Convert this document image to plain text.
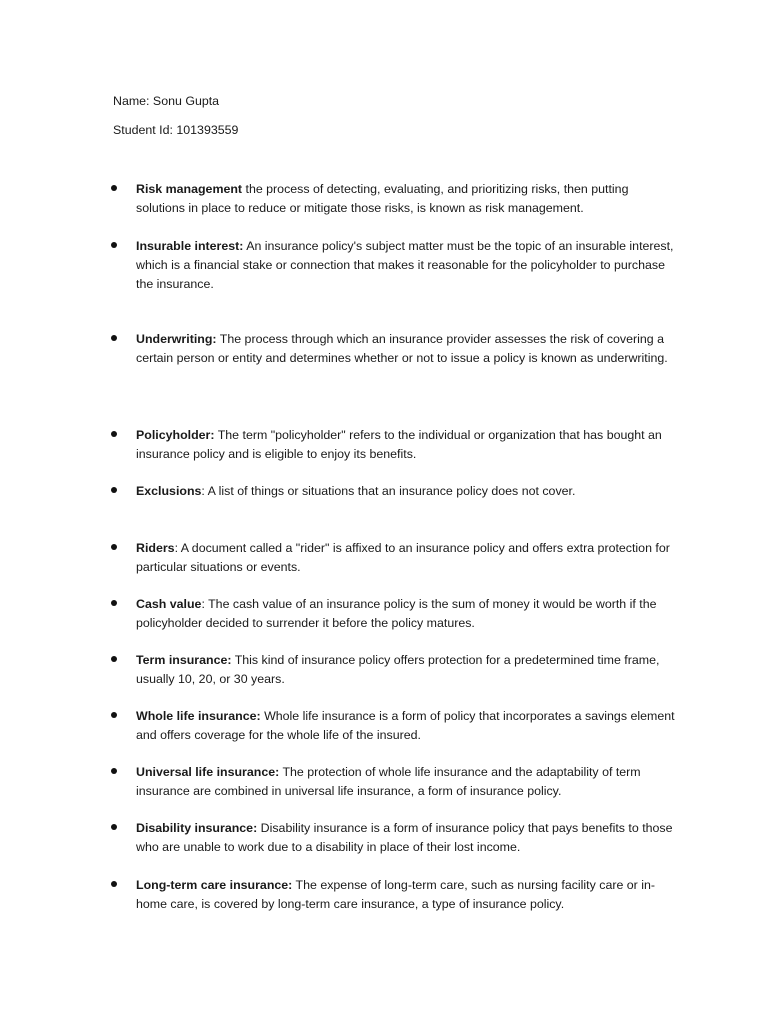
Name: Sonu Gupta
Student Id: 101393559

Risk management the process of detecting, evaluating, and prioritizing risks, then putting solutions in place to reduce or mitigate those risks, is known as risk management.

Insurable interest: An insurance policy's subject matter must be the topic of an insurable interest, which is a financial stake or connection that makes it reasonable for the policyholder to purchase the insurance.

Underwriting: The process through which an insurance provider assesses the risk of covering a certain person or entity and determines whether or not to issue a policy is known as underwriting.

Policyholder: The term "policyholder" refers to the individual or organization that has bought an insurance policy and is eligible to enjoy its benefits.

Exclusions: A list of things or situations that an insurance policy does not cover.

Riders: A document called a "rider" is affixed to an insurance policy and offers extra protection for particular situations or events.

Cash value: The cash value of an insurance policy is the sum of money it would be worth if the policyholder decided to surrender it before the policy matures.

Term insurance: This kind of insurance policy offers protection for a predetermined time frame, usually 10, 20, or 30 years.

Whole life insurance: Whole life insurance is a form of policy that incorporates a savings element and offers coverage for the whole life of the insured.

Universal life insurance: The protection of whole life insurance and the adaptability of term insurance are combined in universal life insurance, a form of insurance policy.

Disability insurance: Disability insurance is a form of insurance policy that pays benefits to those who are unable to work due to a disability in place of their lost income.

Long-term care insurance: The expense of long-term care, such as nursing facility care or in-home care, is covered by long-term care insurance, a type of insurance policy.
